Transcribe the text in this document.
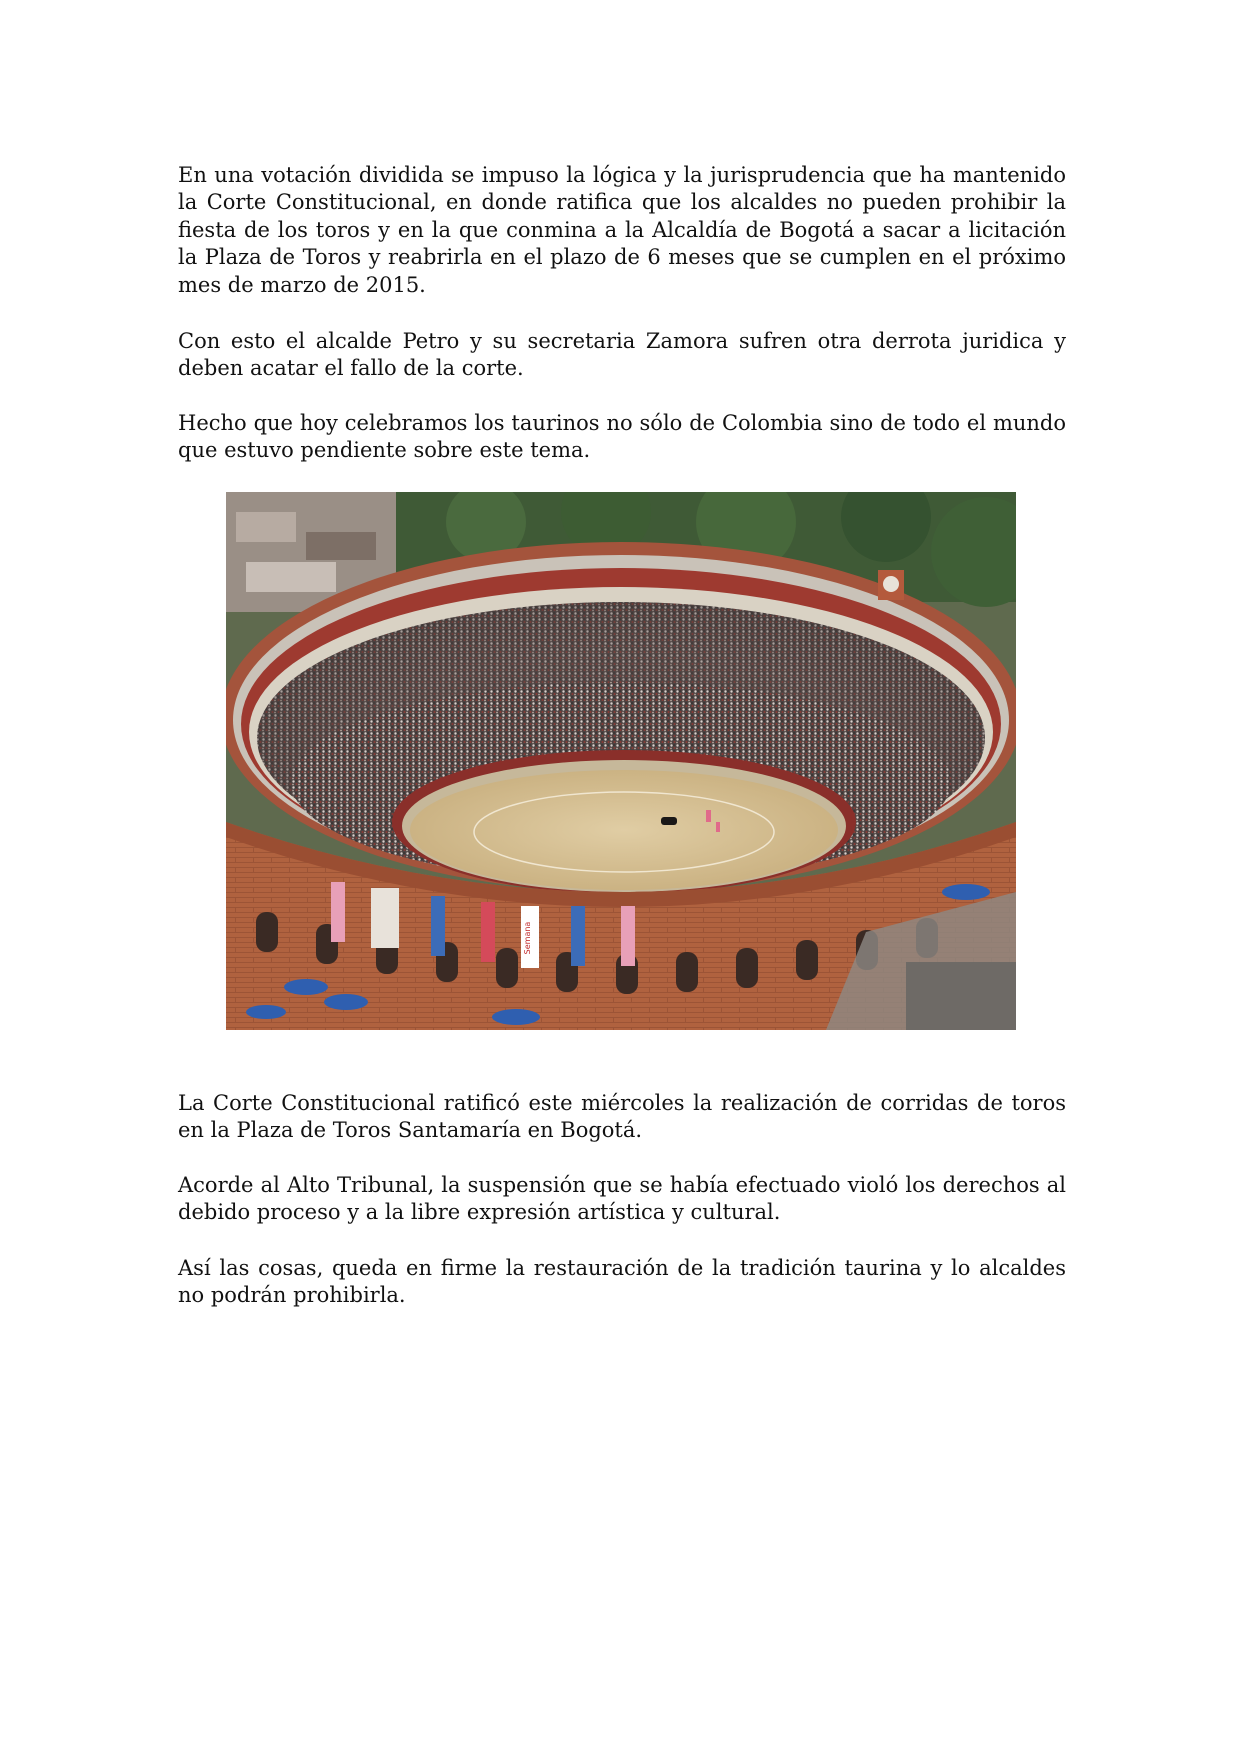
En una votación dividida se impuso la lógica y la jurisprudencia que ha mantenido la Corte Constitucional, en donde ratifica que los alcaldes no pueden prohibir la fiesta de los toros y en la que conmina a la Alcaldía de Bogotá a sacar a licitación la Plaza de Toros y reabrirla en el plazo de 6 meses que se cumplen en el próximo mes de marzo de 2015.

Con esto el alcalde Petro y su secretaria Zamora sufren otra derrota juridica y deben acatar el fallo de la corte.

Hecho que hoy celebramos los taurinos no sólo de Colombia sino de todo el mundo que estuvo pendiente sobre este tema.

Semana

La Corte Constitucional ratificó este miércoles la realización de corridas de toros en la Plaza de Toros Santamaría en Bogotá.

Acorde al Alto Tribunal, la suspensión que se había efectuado violó los derechos al debido proceso y a la libre expresión artística y cultural.

Así las cosas, queda en firme la restauración de la tradición taurina y lo alcaldes no podrán prohibirla.
